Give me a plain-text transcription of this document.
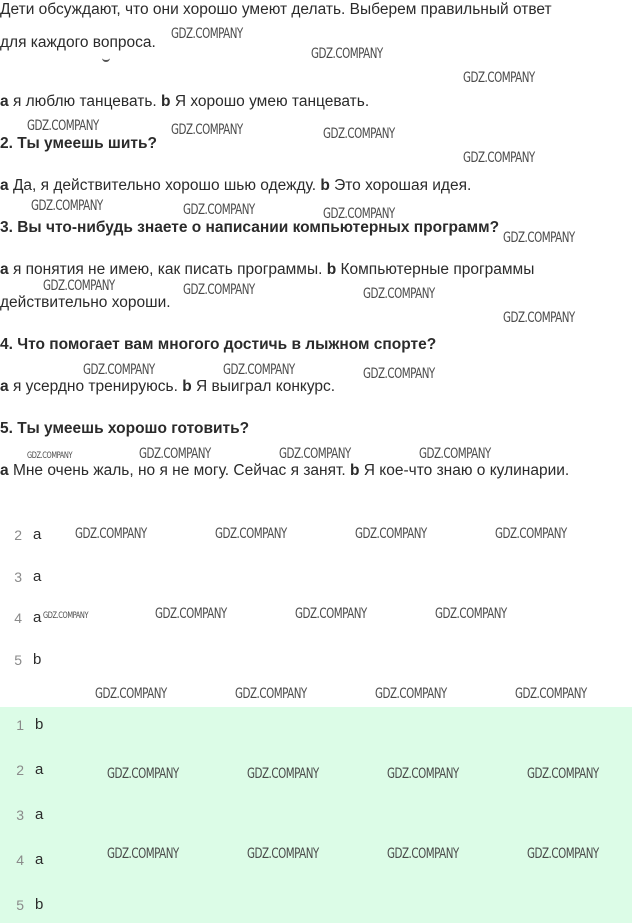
Дети обсуждают, что они хорошо умеют делать. Выберем правильный ответ
для каждого вопроса.
a я люблю танцевать. b Я хорошо умею танцевать.
2. Ты умеешь шить?
a Да, я действительно хорошо шью одежду. b Это хорошая идея.
3. Вы что-нибудь знаете о написании компьютерных программ?
a я понятия не имею, как писать программы. b Компьютерные программы
действительно хороши.
4. Что помогает вам многого достичь в лыжном спорте?
a я усердно тренируюсь. b Я выиграл конкурс.
5. Ты умеешь хорошо готовить?
a Мне очень жаль, но я не могу. Сейчас я занят. b Я кое-что знаю о кулинарии.
2 a
3 a
4 a
5 b
1 b
2 a
3 a
4 a
5 b
GDZ.COMPANY
GDZ.COMPANY
GDZ.COMPANY
GDZ.COMPANY	GDZ.COMPANY	GDZ.COMPANY
GDZ.COMPANY
GDZ.COMPANY	GDZ.COMPANY	GDZ.COMPANY
GDZ.COMPANY
GDZ.COMPANY	GDZ.COMPANY	GDZ.COMPANY
GDZ.COMPANY
GDZ.COMPANY	GDZ.COMPANY	GDZ.COMPANY
GDZ.COMPANY	GDZ.COMPANY	GDZ.COMPANY	GDZ.COMPANY
GDZ.COMPANY	GDZ.COMPANY	GDZ.COMPANY	GDZ.COMPANY
GDZ.COMPANY	GDZ.COMPANY	GDZ.COMPANY	GDZ.COMPANY
GDZ.COMPANY	GDZ.COMPANY	GDZ.COMPANY	GDZ.COMPANY
GDZ.COMPANY	GDZ.COMPANY	GDZ.COMPANY	GDZ.COMPANY
GDZ.COMPANY	GDZ.COMPANY	GDZ.COMPANY	GDZ.COMPANY
